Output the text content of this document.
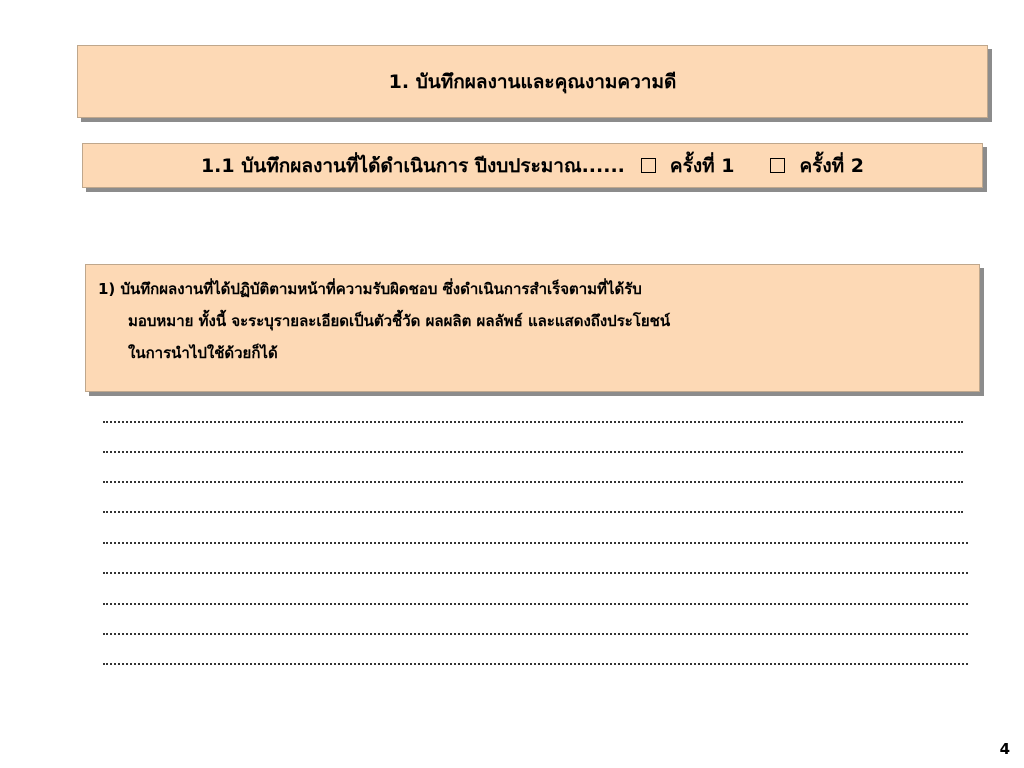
1. บันทึกผลงานและคุณงามความดี
1.1 บันทึกผลงานที่ได้ดำเนินการ ปีงบประมาณ...... ครั้งที่ 1	ครั้งที่ 2
1) บันทึกผลงานที่ได้ปฏิบัติตามหน้าที่ความรับผิดชอบ ซึ่งดำเนินการสำเร็จตามที่ได้รับ
มอบหมาย ทั้งนี้ จะระบุรายละเอียดเป็นตัวชี้วัด ผลผลิต ผลลัพธ์ และแสดงถึงประโยชน์
ในการนำไปใช้ด้วยก็ได้
4
